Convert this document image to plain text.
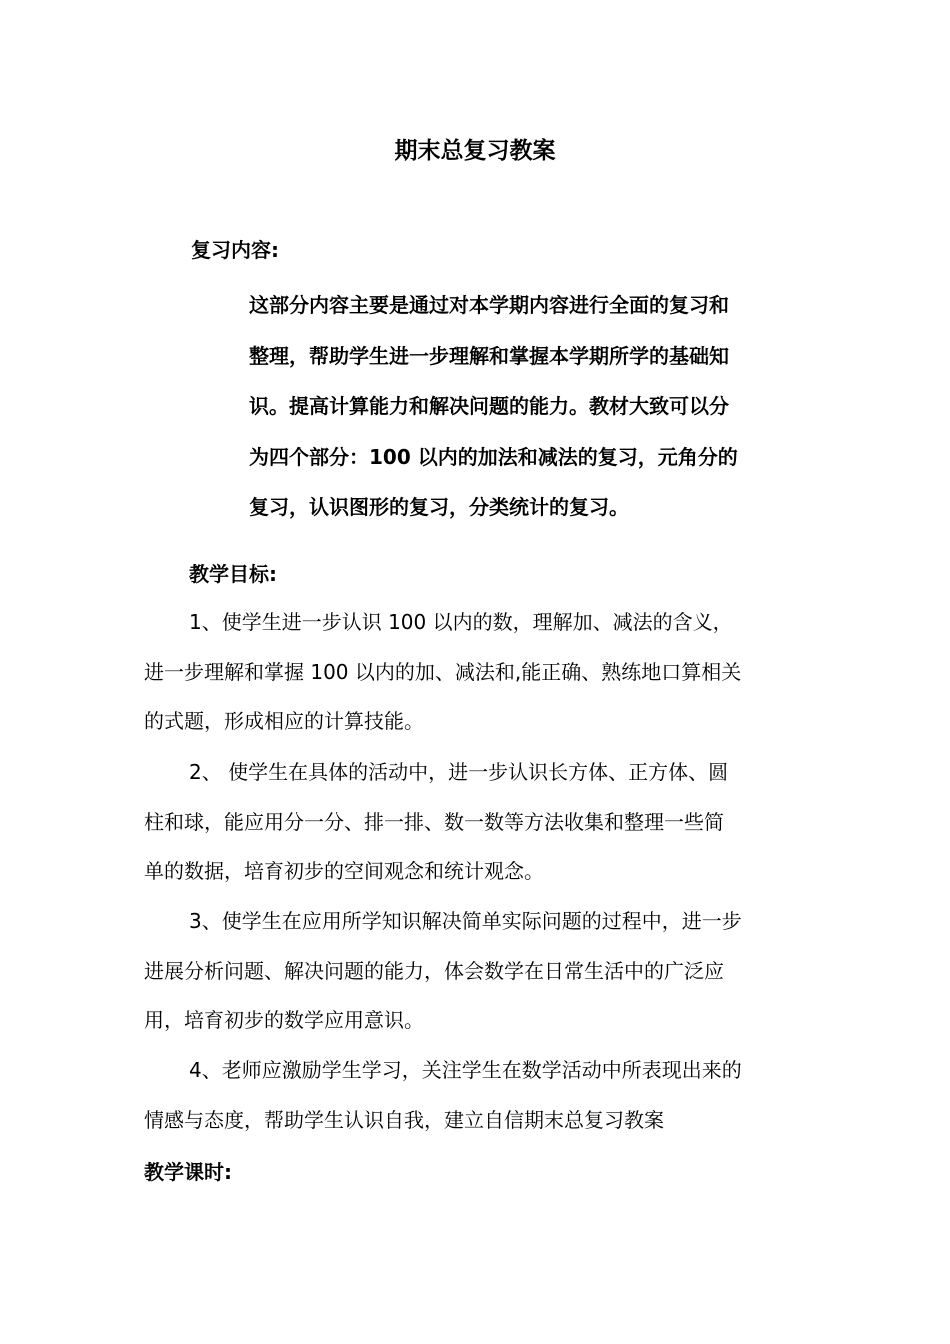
期末总复习教案
复习内容:
这部分内容主要是通过对本学期内容进行全面的复习和
整理，帮助学生进一步理解和掌握本学期所学的基础知
识。提高计算能力和解决问题的能力。教材大致可以分
为四个部分：100 以内的加法和减法的复习，元角分的
复习，认识图形的复习，分类统计的复习。
教学目标:
1、使学生进一步认识 100 以内的数，理解加、减法的含义，
进一步理解和掌握 100 以内的加、减法和,能正确、熟练地口算相关
的式题，形成相应的计算技能。
2、 使学生在具体的活动中，进一步认识长方体、正方体、圆
柱和球，能应用分一分、排一排、数一数等方法收集和整理一些简
单的数据，培育初步的空间观念和统计观念。
3、使学生在应用所学知识解决简单实际问题的过程中，进一步
进展分析问题、解决问题的能力，体会数学在日常生活中的广泛应
用，培育初步的数学应用意识。
4、老师应激励学生学习，关注学生在数学活动中所表现出来的
情感与态度，帮助学生认识自我，建立自信期末总复习教案
教学课时:
